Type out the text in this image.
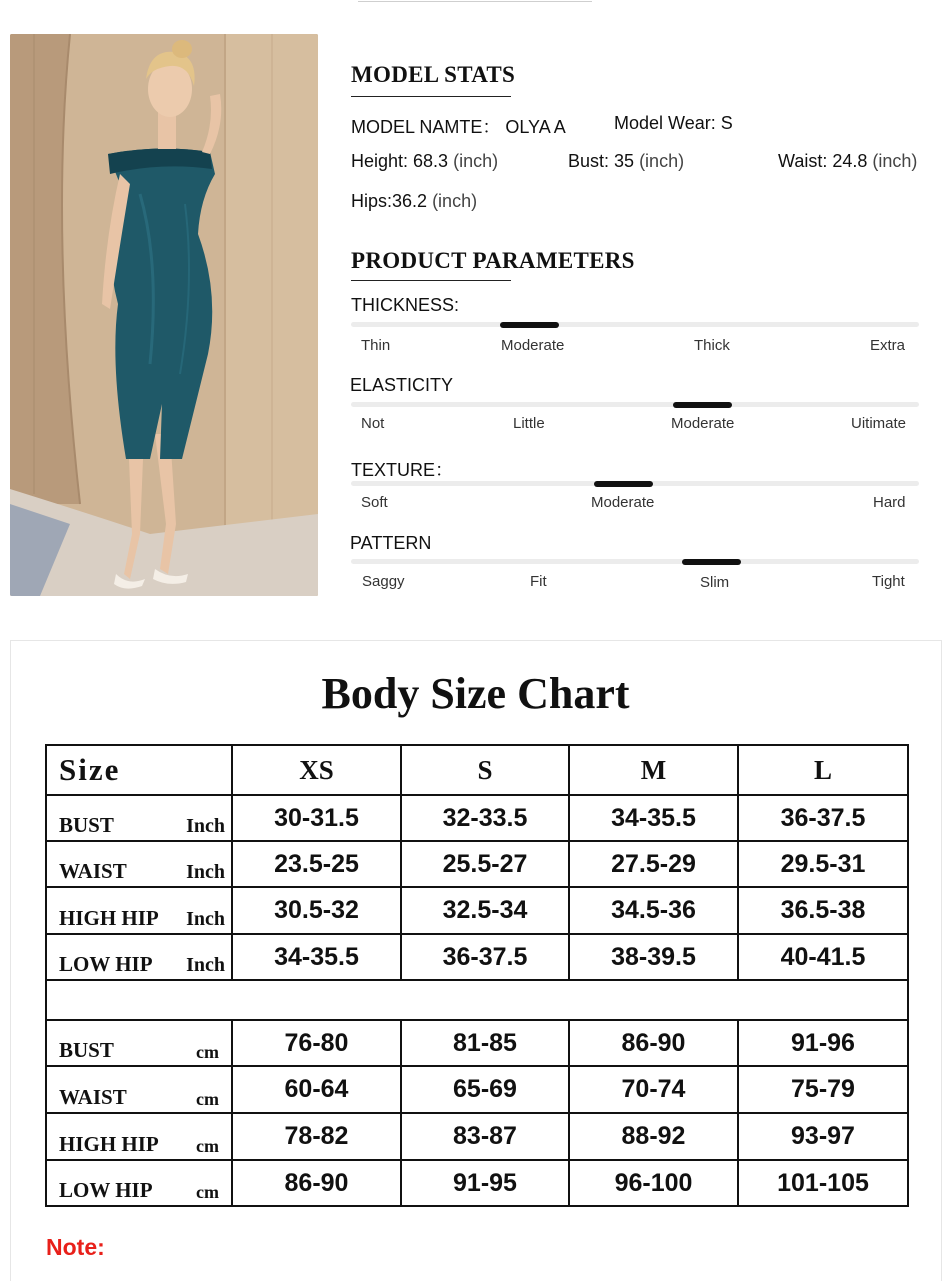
MODEL STATS
MODEL NAMTE： OLYA A	Model Wear: S
Height: 68.3 (inch)	Bust: 35 (inch)	Waist: 24.8 (inch)
Hips:36.2 (inch)
PRODUCT PARAMETERS
THICKNESS:
Thin	Moderate	Thick	Extra
ELASTICITY
Not	Little	Moderate	Uitimate
TEXTURE：
Soft	Moderate	Hard
PATTERN
Saggy	Fit	Slim	Tight
Body Size Chart
Size	XS	S	M	L

BUST Inch	30-31.5	32-33.5	34-35.5	36-37.5

WAIST Inch	23.5-25	25.5-27	27.5-29	29.5-31

HIGH HIP Inch	30.5-32	32.5-34	34.5-36	36.5-38

LOW HIP Inch	34-35.5	36-37.5	38-39.5	40-41.5

BUST cm	76-80	81-85	86-90	91-96

WAIST cm	60-64	65-69	70-74	75-79

HIGH HIP cm	78-82	83-87	88-92	93-97

LOW HIP cm	86-90	91-95	96-100	101-105
Note:
